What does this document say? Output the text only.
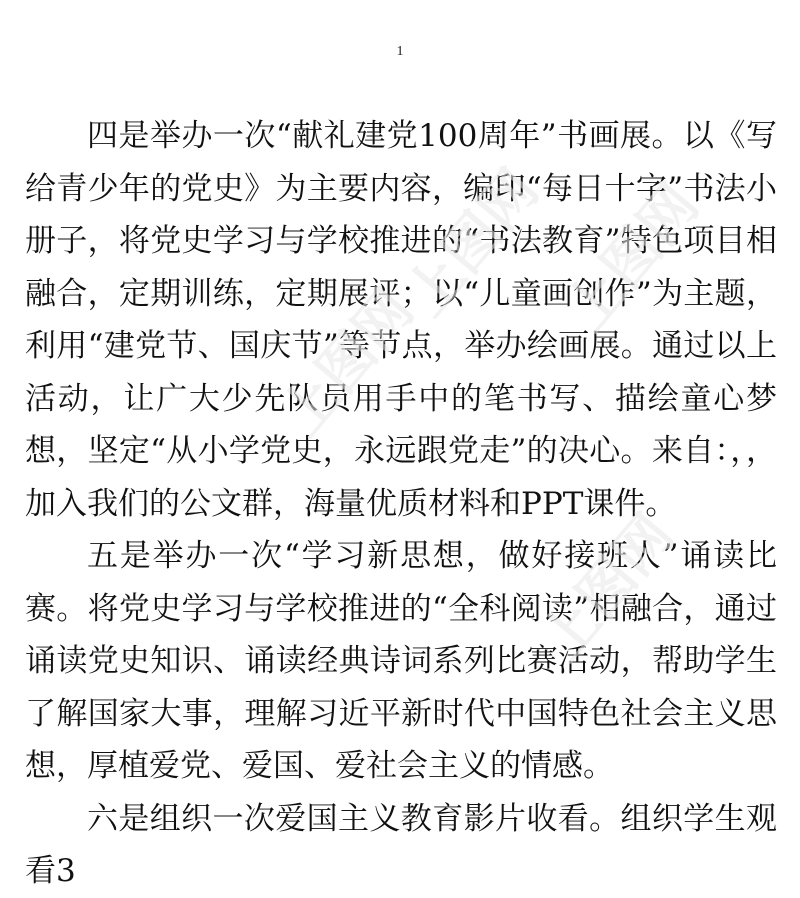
1

四是举办一次“献礼建党100周年”书画展。以《写给青少年的党史》为主要内容，编印“每日十字”书法小册子，将党史学习与学校推进的“书法教育”特色项目相融合，定期训练，定期展评；以“儿童画创作”为主题，利用“建党节、国庆节”等节点，举办绘画展。通过以上活动，让广大少先队员用手中的笔书写、描绘童心梦想，坚定“从小学党史，永远跟党走”的决心。来自：，，加入我们的公文群，海量优质材料和PPT课件。

五是举办一次“学习新思想，做好接班人”诵读比赛。将党史学习与学校推进的“全科阅读”相融合，通过诵读党史知识、诵读经典诗词系列比赛活动，帮助学生了解国家大事，理解习近平新时代中国特色社会主义思想，厚植爱党、爱国、爱社会主义的情感。

六是组织一次爱国主义教育影片收看。组织学生观看3

上图网 上图网
上图网
上图网
